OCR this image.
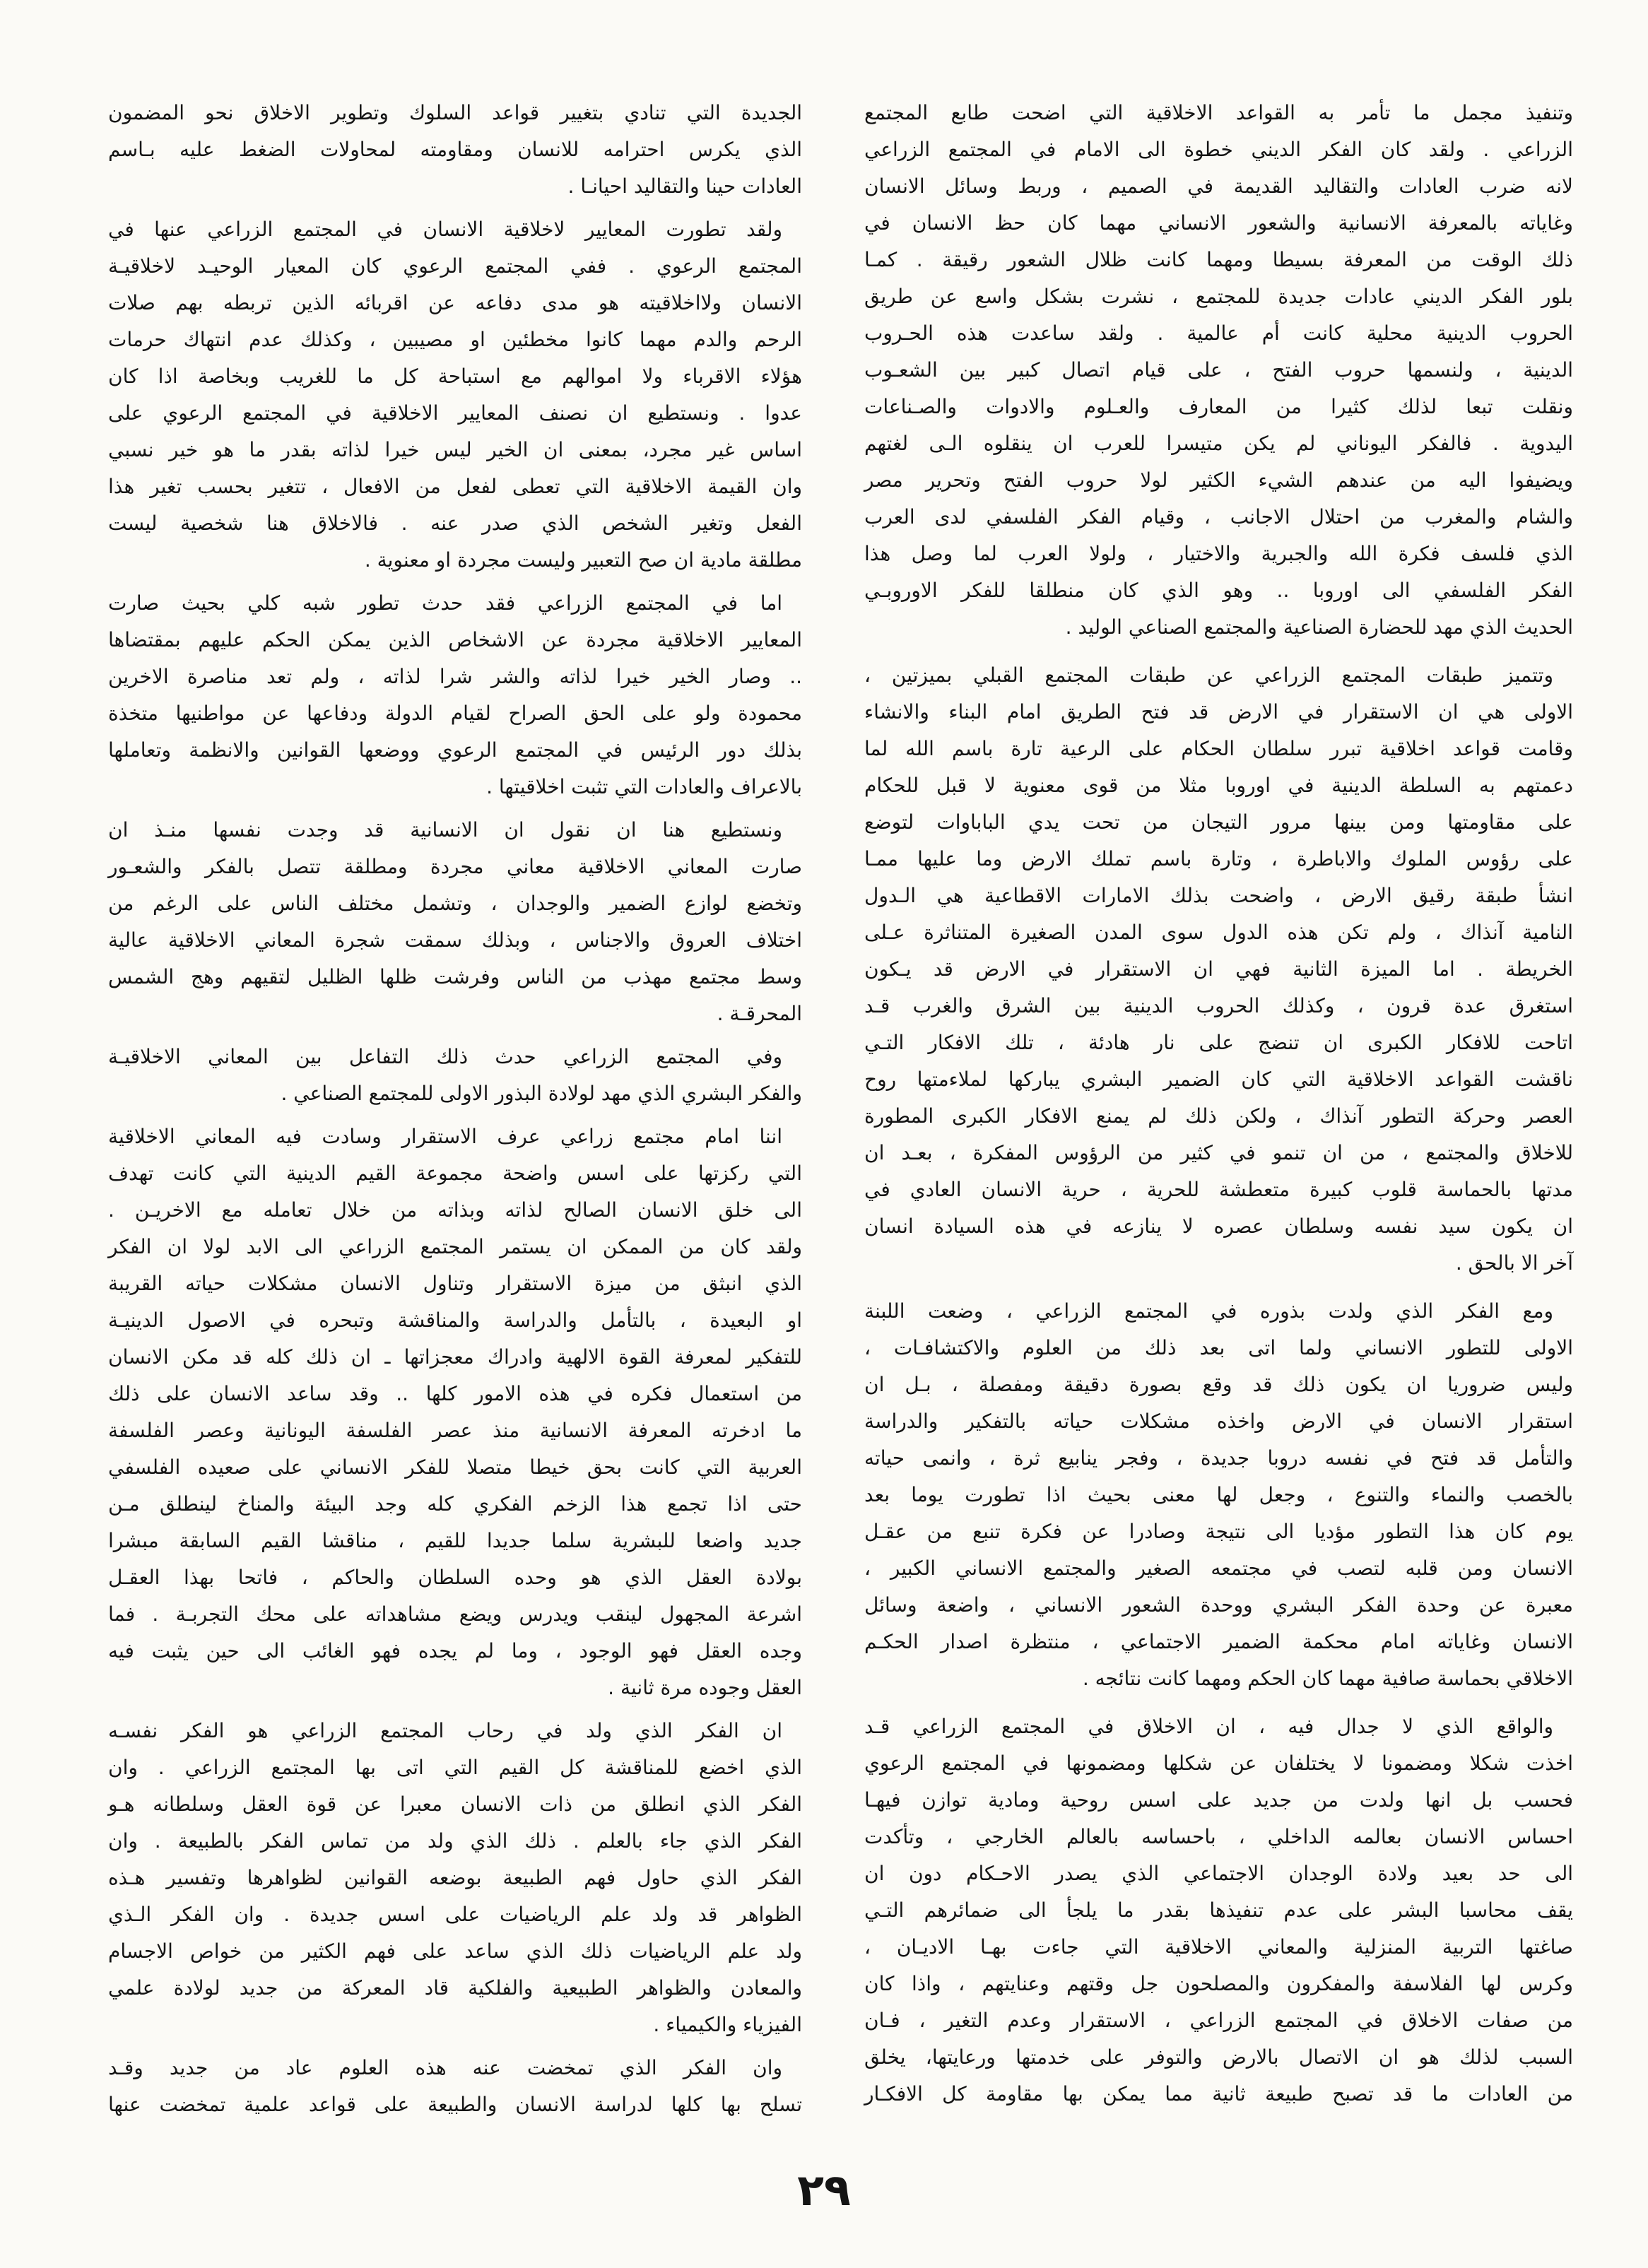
وتنفيذ مجمل ما تأمر به القواعد الاخلاقية التي اضحت طابع المجتمع
الزراعي . ولقد كان الفكر الديني خطوة الى الامام في المجتمع الزراعي
لانه ضرب العادات والتقاليد القديمة في الصميم ، وربط وسائل الانسان
وغاياته بالمعرفة الانسانية والشعور الانساني مهما كان حظ الانسان في
ذلك الوقت من المعرفة بسيطا ومهما كانت ظلال الشعور رقيقة . كمـا
بلور الفكر الديني عادات جديدة للمجتمع ، نشرت بشكل واسع عن طريق
الحروب الدينية محلية كانت أم عالمية . ولقد ساعدت هذه الحـروب
الدينية ، ولنسمها حروب الفتح ، على قيام اتصال كبير بين الشعـوب
ونقلت تبعا لذلك كثيرا من المعارف والعـلوم والادوات والصـناعات
اليدوية . فالفكر اليوناني لم يكن متيسرا للعرب ان ينقلوه الـى لغتهم
ويضيفوا اليه من عندهم الشيء الكثير لولا حروب الفتح وتحرير مصر
والشام والمغرب من احتلال الاجانب ، وقيام الفكر الفلسفي لدى العرب
الذي فلسف فكرة الله والجبرية والاختيار ، ولولا العرب لما وصل هذا
الفكر الفلسفي الى اوروبا .. وهو الذي كان منطلقا للفكر الاوروبـي
الحديث الذي مهد للحضارة الصناعية والمجتمع الصناعي الوليد .
وتتميز طبقات المجتمع الزراعي عن طبقات المجتمع القبلي بميزتين ،
الاولى هي ان الاستقرار في الارض قد فتح الطريق امام البناء والانشاء
وقامت قواعد اخلاقية تبرر سلطان الحكام على الرعية تارة باسم الله لما
دعمتهم به السلطة الدينية في اوروبا مثلا من قوى معنوية لا قبل للحكام
على مقاومتها ومن بينها مرور التيجان من تحت يدي الباباوات لتوضع
على رؤوس الملوك والاباطرة ، وتارة باسم تملك الارض وما عليها ممـا
انشأ طبقة رقيق الارض ، واضحت بذلك الامارات الاقطاعية هي الـدول
النامية آنذاك ، ولم تكن هذه الدول سوى المدن الصغيرة المتناثرة عـلى
الخريطة . اما الميزة الثانية فهي ان الاستقرار في الارض قد يـكون
استغرق عدة قرون ، وكذلك الحروب الدينية بين الشرق والغرب قـد
اتاحت للافكار الكبرى ان تنضج على نار هادئة ، تلك الافكار التـي
ناقشت القواعد الاخلاقية التي كان الضمير البشري يباركها لملاءمتها روح
العصر وحركة التطور آنذاك ، ولكن ذلك لم يمنع الافكار الكبرى المطورة
للاخلاق والمجتمع ، من ان تنمو في كثير من الرؤوس المفكرة ، بعـد ان
مدتها بالحماسة قلوب كبيرة متعطشة للحرية ، حرية الانسان العادي في
ان يكون سيد نفسه وسلطان عصره لا ينازعه في هذه السيادة انسان
آخر الا بالحق .
ومع الفكر الذي ولدت بذوره في المجتمع الزراعي ، وضعت اللبنة
الاولى للتطور الانساني ولما اتى بعد ذلك من العلوم والاكتشافـات ،
وليس ضروريا ان يكون ذلك قد وقع بصورة دقيقة ومفصلة ، بـل ان
استقرار الانسان في الارض واخذه مشكلات حياته بالتفكير والدراسة
والتأمل قد فتح في نفسه دروبا جديدة ، وفجر ينابيع ثرة ، وانمى حياته
بالخصب والنماء والتنوع ، وجعل لها معنى بحيث اذا تطورت يوما بعد
يوم كان هذا التطور مؤديا الى نتيجة وصادرا عن فكرة تنبع من عقـل
الانسان ومن قلبه لتصب في مجتمعه الصغير والمجتمع الانساني الكبير ،
معبرة عن وحدة الفكر البشري ووحدة الشعور الانساني ، واضعة وسائل
الانسان وغاياته امام محكمة الضمير الاجتماعي ، منتظرة اصدار الحكـم
الاخلاقي بحماسة صافية مهما كان الحكم ومهما كانت نتائجه .
والواقع الذي لا جدال فيه ، ان الاخلاق في المجتمع الزراعي قـد
اخذت شكلا ومضمونا لا يختلفان عن شكلها ومضمونها في المجتمع الرعوي
فحسب بل انها ولدت من جديد على اسس روحية ومادية توازن فيهـا
احساس الانسان بعالمه الداخلي ، باحساسه بالعالم الخارجي ، وتأكدت
الى حد بعيد ولادة الوجدان الاجتماعي الذي يصدر الاحـكام دون ان
يقف محاسبا البشر على عدم تنفيذها بقدر ما يلجأ الى ضمائرهم التـي
صاغتها التربية المنزلية والمعاني الاخلاقية التي جاءت بهـا الاديـان ،
وكرس لها الفلاسفة والمفكرون والمصلحون جل وقتهم وعنايتهم ، واذا كان
من صفات الاخلاق في المجتمع الزراعي ، الاستقرار وعدم التغير ، فـان
السبب لذلك هو ان الاتصال بالارض والتوفر على خدمتها ورعايتها، يخلق
من العادات ما قد تصبح طبيعة ثانية مما يمكن بها مقاومة كل الافكـار
الجديدة التي تنادي بتغيير قواعد السلوك وتطوير الاخلاق نحو المضمون
الذي يكرس احترامه للانسان ومقاومته لمحاولات الضغط عليه بـاسم
العادات حينا والتقاليد احيانـا .
ولقد تطورت المعايير لاخلاقية الانسان في المجتمع الزراعي عنها في
المجتمع الرعوي . ففي المجتمع الرعوي كان المعيار الوحيـد لاخلاقيـة
الانسان ولااخلاقيته هو مدى دفاعه عن اقربائه الذين تربطه بهم صلات
الرحم والدم مهما كانوا مخطئين او مصيبين ، وكذلك عدم انتهاك حرمات
هؤلاء الاقرباء ولا اموالهم مع استباحة كل ما للغريب وبخاصة اذا كان
عدوا . ونستطيع ان نصنف المعايير الاخلاقية في المجتمع الرعوي على
اساس غير مجرد، بمعنى ان الخير ليس خيرا لذاته بقدر ما هو خير نسبي
وان القيمة الاخلاقية التي تعطى لفعل من الافعال ، تتغير بحسب تغير هذا
الفعل وتغير الشخص الذي صدر عنه . فالاخلاق هنا شخصية ليست
مطلقة مادية ان صح التعبير وليست مجردة او معنوية .
اما في المجتمع الزراعي فقد حدث تطور شبه كلي بحيث صارت
المعايير الاخلاقية مجردة عن الاشخاص الذين يمكن الحكم عليهم بمقتضاها
.. وصار الخير خيرا لذاته والشر شرا لذاته ، ولم تعد مناصرة الاخرين
محمودة ولو على الحق الصراح لقيام الدولة ودفاعها عن مواطنيها متخذة
بذلك دور الرئيس في المجتمع الرعوي ووضعها القوانين والانظمة وتعاملها
بالاعراف والعادات التي تثبت اخلاقيتها .
ونستطيع هنا ان نقول ان الانسانية قد وجدت نفسها منـذ ان
صارت المعاني الاخلاقية معاني مجردة ومطلقة تتصل بالفكر والشعـور
وتخضع لوازع الضمير والوجدان ، وتشمل مختلف الناس على الرغم من
اختلاف العروق والاجناس ، وبذلك سمقت شجرة المعاني الاخلاقية عالية
وسط مجتمع مهذب من الناس وفرشت ظلها الظليل لتقيهم وهج الشمس
المحرقـة .
وفي المجتمع الزراعي حدث ذلك التفاعل بين المعاني الاخلاقيـة
والفكر البشري الذي مهد لولادة البذور الاولى للمجتمع الصناعي .
اننا امام مجتمع زراعي عرف الاستقرار وسادت فيه المعاني الاخلاقية
التي ركزتها على اسس واضحة مجموعة القيم الدينية التي كانت تهدف
الى خلق الانسان الصالح لذاته وبذاته من خلال تعامله مع الاخريـن .
ولقد كان من الممكن ان يستمر المجتمع الزراعي الى الابد لولا ان الفكر
الذي انبثق من ميزة الاستقرار وتناول الانسان مشكلات حياته القريبة
او البعيدة ، بالتأمل والدراسة والمناقشة وتبحره في الاصول الدينيـة
للتفكير لمعرفة القوة الالهية وادراك معجزاتها ـ ان ذلك كله قد مكن الانسان
من استعمال فكره في هذه الامور كلها .. وقد ساعد الانسان على ذلك
ما ادخرته المعرفة الانسانية منذ عصر الفلسفة اليونانية وعصر الفلسفة
العربية التي كانت بحق خيطا متصلا للفكر الانساني على صعيده الفلسفي
حتى اذا تجمع هذا الزخم الفكري كله وجد البيئة والمناخ لينطلق مـن
جديد واضعا للبشرية سلما جديدا للقيم ، مناقشا القيم السابقة مبشرا
بولادة العقل الذي هو وحده السلطان والحاكم ، فاتحا بهذا العقـل
اشرعة المجهول لينقب ويدرس ويضع مشاهداته على محك التجربـة . فما
وجده العقل فهو الوجود ، وما لم يجده فهو الغائب الى حين يثبت فيه
العقل وجوده مرة ثانية .
ان الفكر الذي ولد في رحاب المجتمع الزراعي هو الفكر نفسـه
الذي اخضع للمناقشة كل القيم التي اتى بها المجتمع الزراعي . وان
الفكر الذي انطلق من ذات الانسان معبرا عن قوة العقل وسلطانه هـو
الفكر الذي جاء بالعلم . ذلك الذي ولد من تماس الفكر بالطبيعة . وان
الفكر الذي حاول فهم الطبيعة بوضعه القوانين لظواهرها وتفسير هـذه
الظواهر قد ولد علم الرياضيات على اسس جديدة . وان الفكر الـذي
ولد علم الرياضيات ذلك الذي ساعد على فهم الكثير من خواص الاجسام
والمعادن والظواهر الطبيعية والفلكية قاد المعركة من جديد لولادة علمي
الفيزياء والكيمياء .
وان الفكر الذي تمخضت عنه هذه العلوم عاد من جديد وقـد
تسلح بها كلها لدراسة الانسان والطبيعة على قواعد علمية تمخضت عنها
٢٩
